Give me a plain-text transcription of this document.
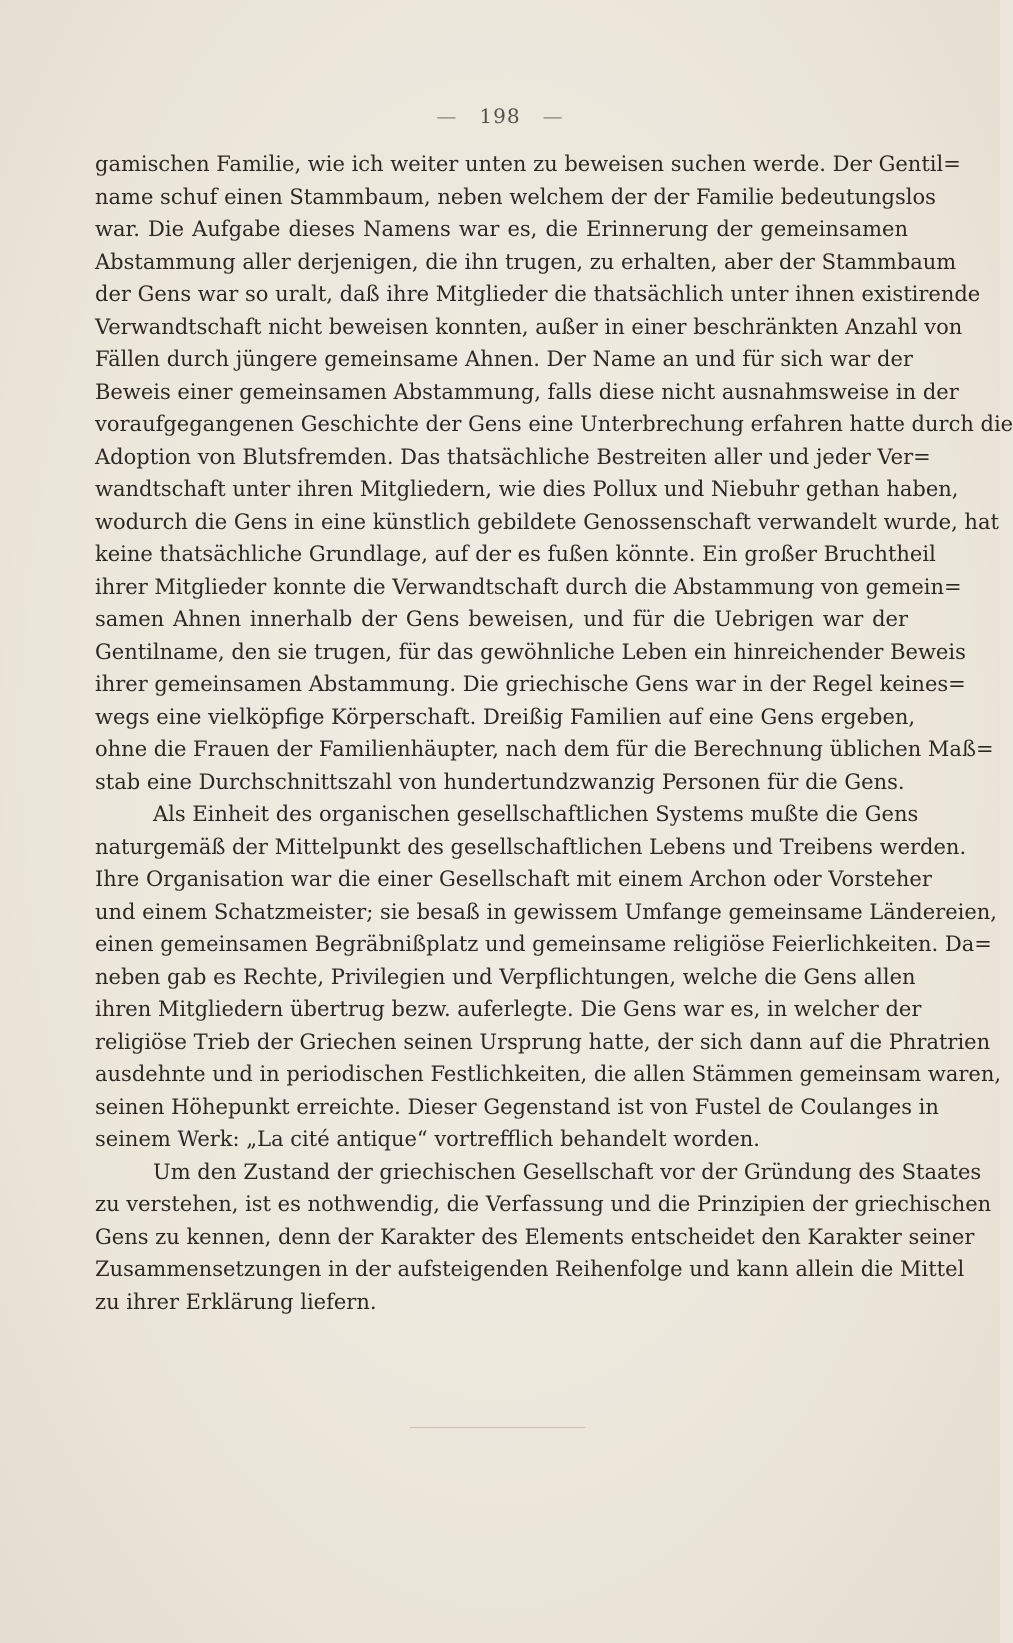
— 198 —
gamischen Familie, wie ich weiter unten zu beweisen suchen werde. Der Gentil=
name schuf einen Stammbaum, neben welchem der der Familie bedeutungslos
war. Die Aufgabe dieses Namens war es, die Erinnerung der gemeinsamen
Abstammung aller derjenigen, die ihn trugen, zu erhalten, aber der Stammbaum
der Gens war so uralt, daß ihre Mitglieder die thatsächlich unter ihnen existirende
Verwandtschaft nicht beweisen konnten, außer in einer beschränkten Anzahl von
Fällen durch jüngere gemeinsame Ahnen. Der Name an und für sich war der
Beweis einer gemeinsamen Abstammung, falls diese nicht ausnahmsweise in der
voraufgegangenen Geschichte der Gens eine Unterbrechung erfahren hatte durch die
Adoption von Blutsfremden. Das thatsächliche Bestreiten aller und jeder Ver=
wandtschaft unter ihren Mitgliedern, wie dies Pollux und Niebuhr gethan haben,
wodurch die Gens in eine künstlich gebildete Genossenschaft verwandelt wurde, hat
keine thatsächliche Grundlage, auf der es fußen könnte. Ein großer Bruchtheil
ihrer Mitglieder konnte die Verwandtschaft durch die Abstammung von gemein=
samen Ahnen innerhalb der Gens beweisen, und für die Uebrigen war der
Gentilname, den sie trugen, für das gewöhnliche Leben ein hinreichender Beweis
ihrer gemeinsamen Abstammung. Die griechische Gens war in der Regel keines=
wegs eine vielköpfige Körperschaft. Dreißig Familien auf eine Gens ergeben,
ohne die Frauen der Familienhäupter, nach dem für die Berechnung üblichen Maß=
stab eine Durchschnittszahl von hundertundzwanzig Personen für die Gens.
Als Einheit des organischen gesellschaftlichen Systems mußte die Gens
naturgemäß der Mittelpunkt des gesellschaftlichen Lebens und Treibens werden.
Ihre Organisation war die einer Gesellschaft mit einem Archon oder Vorsteher
und einem Schatzmeister; sie besaß in gewissem Umfange gemeinsame Ländereien,
einen gemeinsamen Begräbnißplatz und gemeinsame religiöse Feierlichkeiten. Da=
neben gab es Rechte, Privilegien und Verpflichtungen, welche die Gens allen
ihren Mitgliedern übertrug bezw. auferlegte. Die Gens war es, in welcher der
religiöse Trieb der Griechen seinen Ursprung hatte, der sich dann auf die Phratrien
ausdehnte und in periodischen Festlichkeiten, die allen Stämmen gemeinsam waren,
seinen Höhepunkt erreichte. Dieser Gegenstand ist von Fustel de Coulanges in
seinem Werk: „La cité antique“ vortrefflich behandelt worden.
Um den Zustand der griechischen Gesellschaft vor der Gründung des Staates
zu verstehen, ist es nothwendig, die Verfassung und die Prinzipien der griechischen
Gens zu kennen, denn der Karakter des Elements entscheidet den Karakter seiner
Zusammensetzungen in der aufsteigenden Reihenfolge und kann allein die Mittel
zu ihrer Erklärung liefern.
